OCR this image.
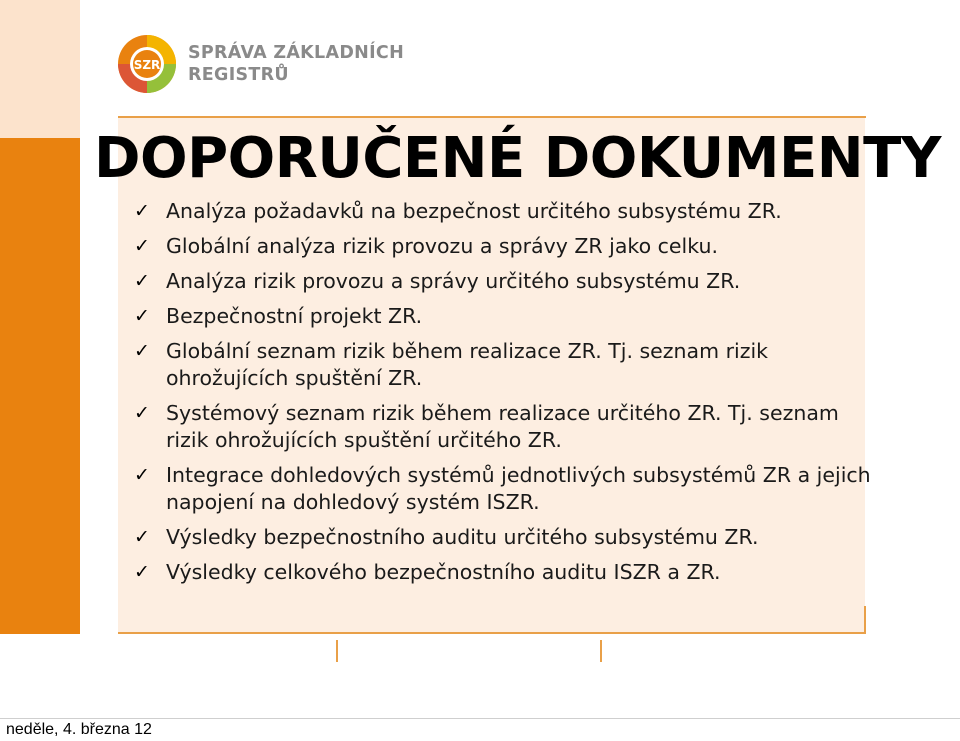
SZR
SPRÁVA ZÁKLADNÍCH
REGISTRŮ
DOPORUČENÉ DOKUMENTY
✓ Analýza požadavků na bezpečnost určitého subsystému ZR.
✓ Globální analýza rizik provozu a správy ZR jako celku.
✓ Analýza rizik provozu a správy určitého subsystému ZR.
✓ Bezpečnostní projekt ZR.
✓ Globální seznam rizik během realizace ZR. Tj. seznam rizik ohrožujících spuštění ZR.
✓ Systémový seznam rizik během realizace určitého ZR. Tj. seznam rizik ohrožujících spuštění určitého ZR.
✓ Integrace dohledových systémů jednotlivých subsystémů ZR a jejich napojení na dohledový systém ISZR.
✓ Výsledky bezpečnostního auditu určitého subsystému ZR.
✓ Výsledky celkového bezpečnostního auditu ISZR a ZR.
neděle, 4. března 12
